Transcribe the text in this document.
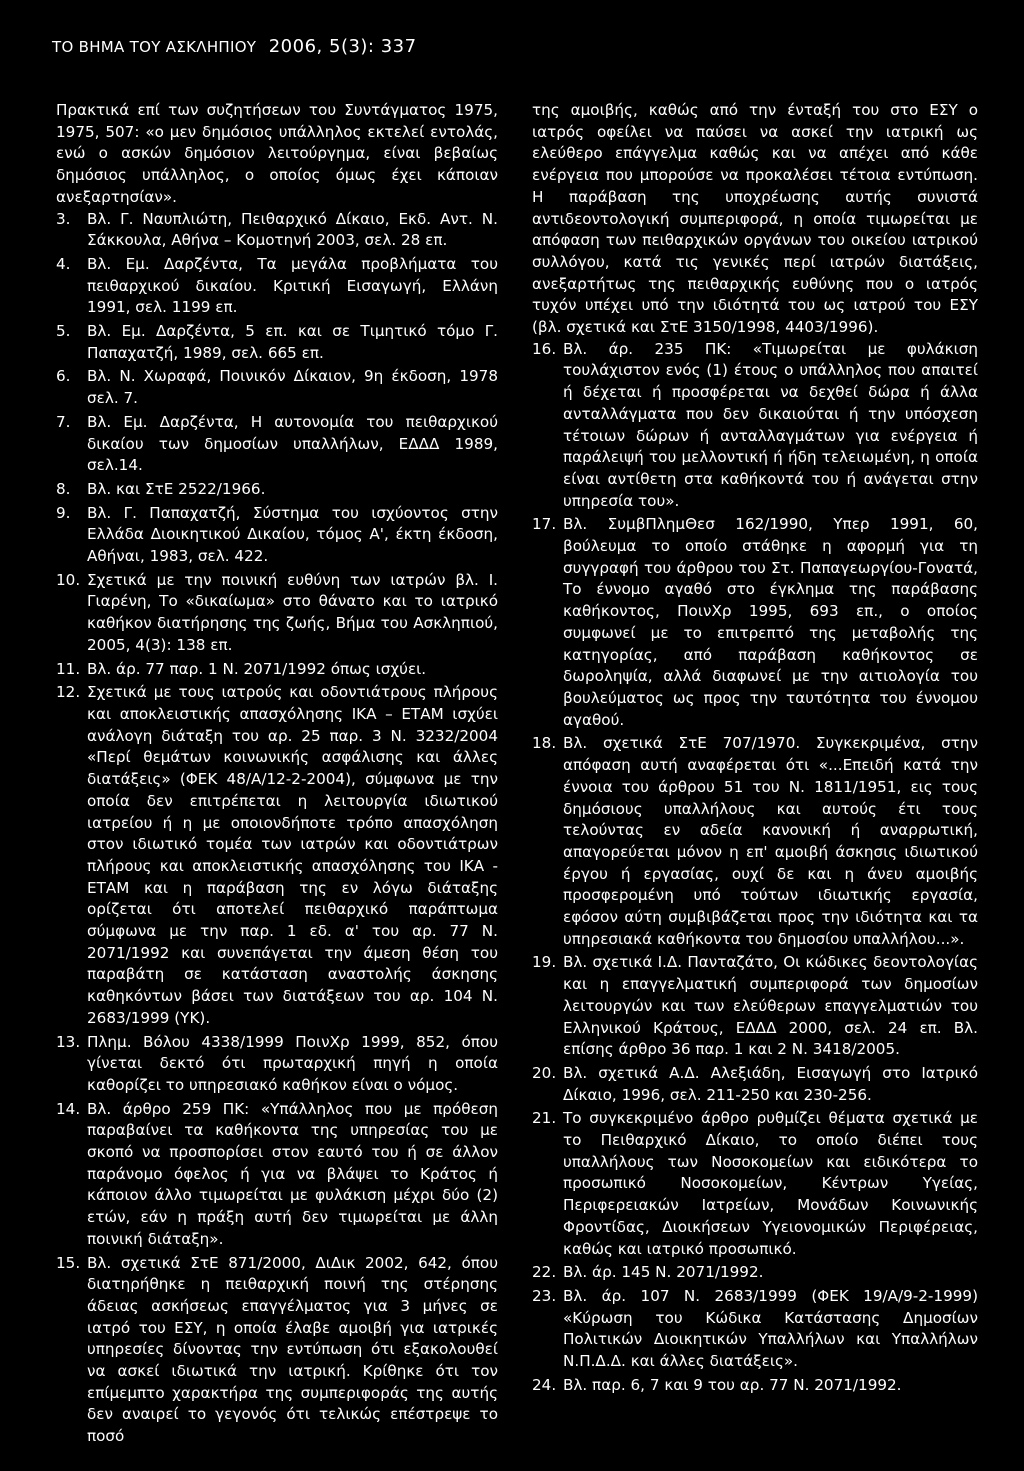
ΤΟ ΒΗΜΑ ΤΟΥ ΑΣΚΛΗΠΙΟΥ 2006, 5(3): 337

Πρακτικά επί των συζητήσεων του Συντάγματος 1975, 1975, 507: «ο μεν δημόσιος υπάλληλος εκτελεί εντολάς, ενώ ο ασκών δημόσιον λειτούργημα, είναι βεβαίως δημόσιος υπάλληλος, ο οποίος όμως έχει κάποιαν ανεξαρτησίαν».

3.	Βλ. Γ. Ναυπλιώτη, Πειθαρχικό Δίκαιο, Εκδ. Αντ. Ν. Σάκκουλα, Αθήνα – Κομοτηνή 2003, σελ. 28 επ.
4.	Βλ. Εμ. Δαρζέντα, Τα μεγάλα προβλήματα του πειθαρχικού δικαίου. Κριτική Εισαγωγή, Ελλάνη 1991, σελ. 1199 επ.
5.	Βλ. Εμ. Δαρζέντα, 5 επ. και σε Τιμητικό τόμο Γ. Παπαχατζή, 1989, σελ. 665 επ.
6.	Βλ. Ν. Χωραφά, Ποινικόν Δίκαιον, 9η έκδοση, 1978 σελ. 7.
7.	Βλ. Εμ. Δαρζέντα, Η αυτονομία του πειθαρχικού δικαίου των δημοσίων υπαλλήλων, ΕΔΔΔ 1989, σελ.14.
8.	Βλ. και ΣτΕ 2522/1966.
9.	Βλ. Γ. Παπαχατζή, Σύστημα του ισχύοντος στην Ελλάδα Διοικητικού Δικαίου, τόμος Α', έκτη έκδοση, Αθήναι, 1983, σελ. 422.
10. Σχετικά με την ποινική ευθύνη των ιατρών βλ. Ι. Γιαρένη, Το «δικαίωμα» στο θάνατο και το ιατρικό καθήκον διατήρησης της ζωής, Βήμα του Ασκληπιού, 2005, 4(3): 138 επ.
11. Βλ. άρ. 77 παρ. 1 Ν. 2071/1992 όπως ισχύει.
12. Σχετικά με τους ιατρούς και οδοντιάτρους πλήρους και αποκλειστικής απασχόλησης ΙΚΑ – ΕΤΑΜ ισχύει ανάλογη διάταξη του αρ. 25 παρ. 3 Ν. 3232/2004 «Περί θεμάτων κοινωνικής ασφάλισης και άλλες διατάξεις» (ΦΕΚ 48/Α/12-2-2004), σύμφωνα με την οποία δεν επιτρέπεται η λειτουργία ιδιωτικού ιατρείου ή η με οποιονδήποτε τρόπο απασχόληση στον ιδιωτικό τομέα των ιατρών και οδοντιάτρων πλήρους και αποκλειστικής απασχόλησης του ΙΚΑ - ΕΤΑΜ και η παράβαση της εν λόγω διάταξης ορίζεται ότι αποτελεί πειθαρχικό παράπτωμα σύμφωνα με την παρ. 1 εδ. α' του αρ. 77 Ν. 2071/1992 και συνεπάγεται την άμεση θέση του παραβάτη σε κατάσταση αναστολής άσκησης καθηκόντων βάσει των διατάξεων του αρ. 104 Ν. 2683/1999 (ΥΚ).
13. Πλημ. Βόλου 4338/1999 ΠοινΧρ 1999, 852, όπου γίνεται δεκτό ότι πρωταρχική πηγή η οποία καθορίζει το υπηρεσιακό καθήκον είναι ο νόμος.
14. Βλ. άρθρο 259 ΠΚ: «Υπάλληλος που με πρόθεση παραβαίνει τα καθήκοντα της υπηρεσίας του με σκοπό να προσπορίσει στον εαυτό του ή σε άλλον παράνομο όφελος ή για να βλάψει το Κράτος ή κάποιον άλλο τιμωρείται με φυλάκιση μέχρι δύο (2) ετών, εάν η πράξη αυτή δεν τιμωρείται με άλλη ποινική διάταξη».
15. Βλ. σχετικά ΣτΕ 871/2000, ΔιΔικ 2002, 642, όπου διατηρήθηκε η πειθαρχική ποινή της στέρησης άδειας ασκήσεως επαγγέλματος για 3 μήνες σε ιατρό του ΕΣΥ, η οποία έλαβε αμοιβή για ιατρικές υπηρεσίες δίνοντας την εντύπωση ότι εξακολουθεί να ασκεί ιδιωτικά την ιατρική. Κρίθηκε ότι τον επίμεμπτο χαρακτήρα της συμπεριφοράς της αυτής δεν αναιρεί το γεγονός ότι τελικώς επέστρεψε το ποσό

της αμοιβής, καθώς από την ένταξή του στο ΕΣΥ ο ιατρός οφείλει να παύσει να ασκεί την ιατρική ως ελεύθερο επάγγελμα καθώς και να απέχει από κάθε ενέργεια που μπορούσε να προκαλέσει τέτοια εντύπωση. Η παράβαση της υποχρέωσης αυτής συνιστά αντιδεοντολογική συμπεριφορά, η οποία τιμωρείται με απόφαση των πειθαρχικών οργάνων του οικείου ιατρικού συλλόγου, κατά τις γενικές περί ιατρών διατάξεις, ανεξαρτήτως της πειθαρχικής ευθύνης που ο ιατρός τυχόν υπέχει υπό την ιδιότητά του ως ιατρού του ΕΣΥ (βλ. σχετικά και ΣτΕ 3150/1998, 4403/1996).

16. Βλ. άρ. 235 ΠΚ: «Τιμωρείται με φυλάκιση τουλάχιστον ενός (1) έτους ο υπάλληλος που απαιτεί ή δέχεται ή προσφέρεται να δεχθεί δώρα ή άλλα ανταλλάγματα που δεν δικαιούται ή την υπόσχεση τέτοιων δώρων ή ανταλλαγμάτων για ενέργεια ή παράλειψή του μελλοντική ή ήδη τελειωμένη, η οποία είναι αντίθετη στα καθήκοντά του ή ανάγεται στην υπηρεσία του».
17. Βλ. ΣυμβΠλημΘεσ 162/1990, Υπερ 1991, 60, βούλευμα το οποίο στάθηκε η αφορμή για τη συγγραφή του άρθρου του Στ. Παπαγεωργίου-Γονατά, Το έννομο αγαθό στο έγκλημα της παράβασης καθήκοντος, ΠοινΧρ 1995, 693 επ., ο οποίος συμφωνεί με το επιτρεπτό της μεταβολής της κατηγορίας, από παράβαση καθήκοντος σε δωροληψία, αλλά διαφωνεί με την αιτιολογία του βουλεύματος ως προς την ταυτότητα του έννομου αγαθού.
18. Βλ. σχετικά ΣτΕ 707/1970. Συγκεκριμένα, στην απόφαση αυτή αναφέρεται ότι «...Επειδή κατά την έννοια του άρθρου 51 του Ν. 1811/1951, εις τους δημόσιους υπαλλήλους και αυτούς έτι τους τελούντας εν αδεία κανονική ή αναρρωτική, απαγορεύεται μόνον η επ' αμοιβή άσκησις ιδιωτικού έργου ή εργασίας, ουχί δε και η άνευ αμοιβής προσφερομένη υπό τούτων ιδιωτικής εργασία, εφόσον αύτη συμβιβάζεται προς την ιδιότητα και τα υπηρεσιακά καθήκοντα του δημοσίου υπαλλήλου...».
19. Βλ. σχετικά Ι.Δ. Πανταζάτο, Οι κώδικες δεοντολογίας και η επαγγελματική συμπεριφορά των δημοσίων λειτουργών και των ελεύθερων επαγγελματιών του Ελληνικού Κράτους, ΕΔΔΔ 2000, σελ. 24 επ. Βλ. επίσης άρθρο 36 παρ. 1 και 2 Ν. 3418/2005.
20. Βλ. σχετικά Α.Δ. Αλεξιάδη, Εισαγωγή στο Ιατρικό Δίκαιο, 1996, σελ. 211-250 και 230-256.
21. Το συγκεκριμένο άρθρο ρυθμίζει θέματα σχετικά με το Πειθαρχικό Δίκαιο, το οποίο διέπει τους υπαλλήλους των Νοσοκομείων και ειδικότερα το προσωπικό Νοσοκομείων, Κέντρων Υγείας, Περιφερειακών Ιατρείων, Μονάδων Κοινωνικής Φροντίδας, Διοικήσεων Υγειονομικών Περιφέρειας, καθώς και ιατρικό προσωπικό.
22. Βλ. άρ. 145 Ν. 2071/1992.
23. Βλ. άρ. 107 Ν. 2683/1999 (ΦΕΚ 19/Α/9-2-1999) «Κύρωση του Κώδικα Κατάστασης Δημοσίων Πολιτικών Διοικητικών Υπαλλήλων και Υπαλλήλων Ν.Π.Δ.Δ. και άλλες διατάξεις».
24. Βλ. παρ. 6, 7 και 9 του αρ. 77 Ν. 2071/1992.
